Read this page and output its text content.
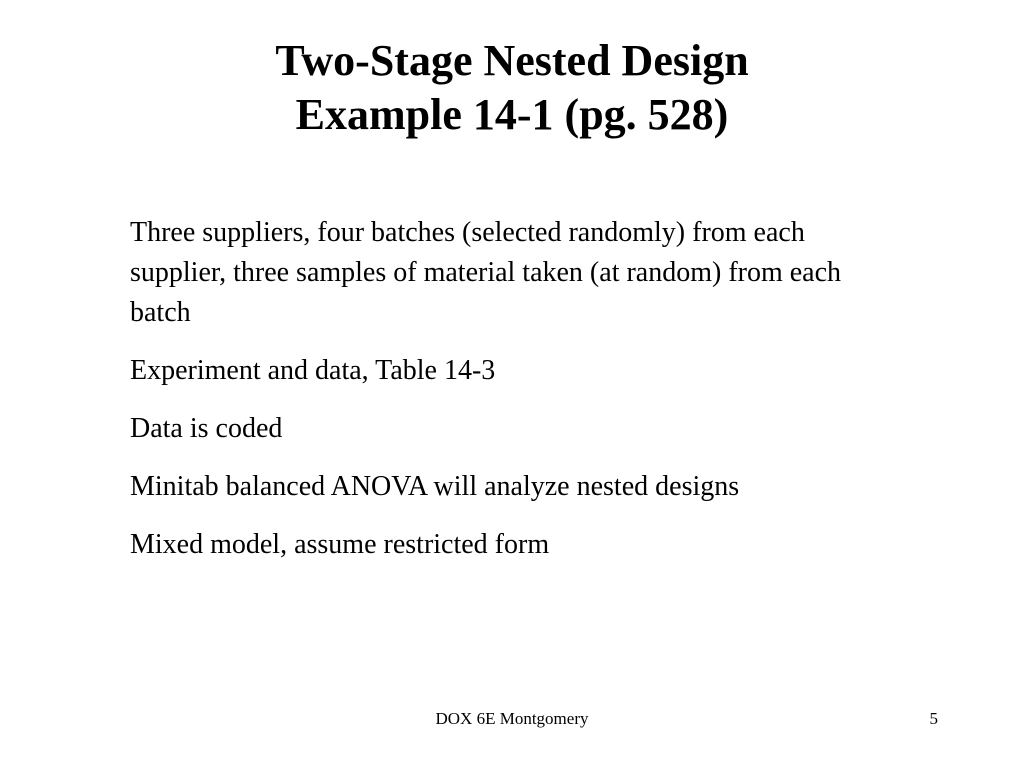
Two-Stage Nested Design
Example 14-1 (pg. 528)

Three suppliers, four batches (selected randomly) from each supplier, three samples of material taken (at random) from each batch

Experiment and data, Table 14-3

Data is coded

Minitab balanced ANOVA will analyze nested designs

Mixed model, assume restricted form

DOX 6E Montgomery	5
